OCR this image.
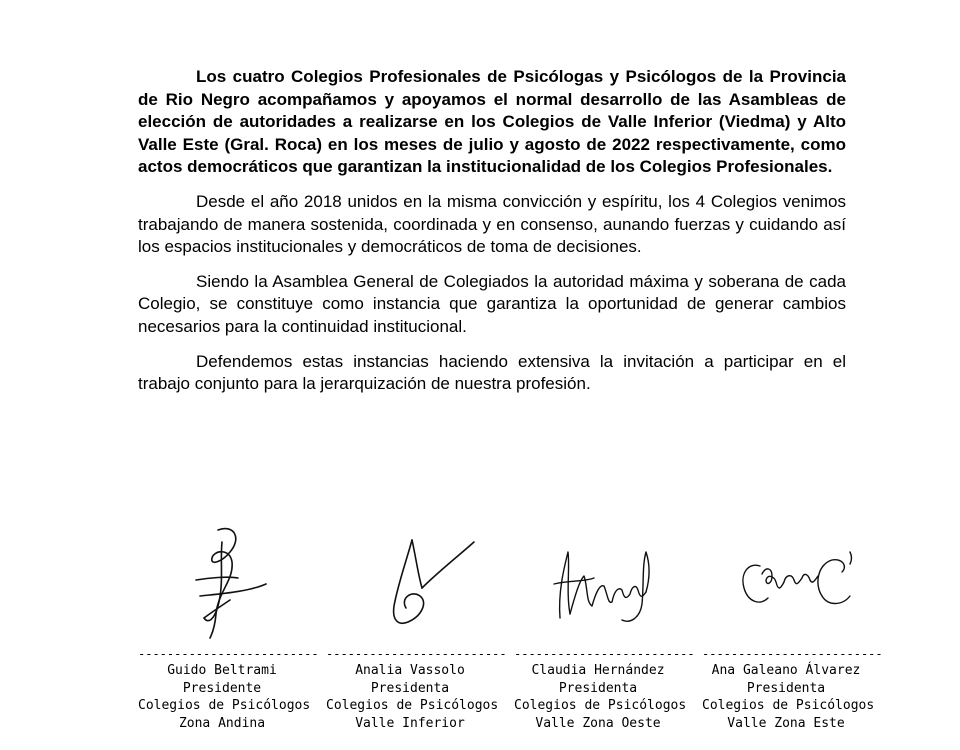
Los cuatro Colegios Profesionales de Psicólogas y Psicólogos de la Provincia de Rio Negro acompañamos y apoyamos el normal desarrollo de las Asambleas de elección de autoridades a realizarse en los Colegios de Valle Inferior (Viedma) y Alto Valle Este (Gral. Roca) en los meses de julio y agosto de 2022 respectivamente, como actos democráticos que garantizan la institucionalidad de los Colegios Profesionales.

Desde el año 2018 unidos en la misma convicción y espíritu, los 4 Colegios venimos trabajando de manera sostenida, coordinada y en consenso, aunando fuerzas y cuidando así los espacios institucionales y democráticos de toma de decisiones.

Siendo la Asamblea General de Colegiados la autoridad máxima y soberana de cada Colegio, se constituye como instancia que garantiza la oportunidad de generar cambios necesarios para la continuidad institucional.

Defendemos estas instancias haciendo extensiva la invitación a participar en el trabajo conjunto para la jerarquización de nuestra profesión.

-------------------------
Guido Beltrami
Presidente
Colegios de Psicólogos
Zona Andina
-------------------------
Analia Vassolo
Presidenta
Colegios de Psicólogos
Valle Inferior
-------------------------
Claudia Hernández
Presidenta
Colegios de Psicólogos
Valle Zona Oeste
-------------------------
Ana Galeano Álvarez
Presidenta
Colegios de Psicólogos
Valle Zona Este
